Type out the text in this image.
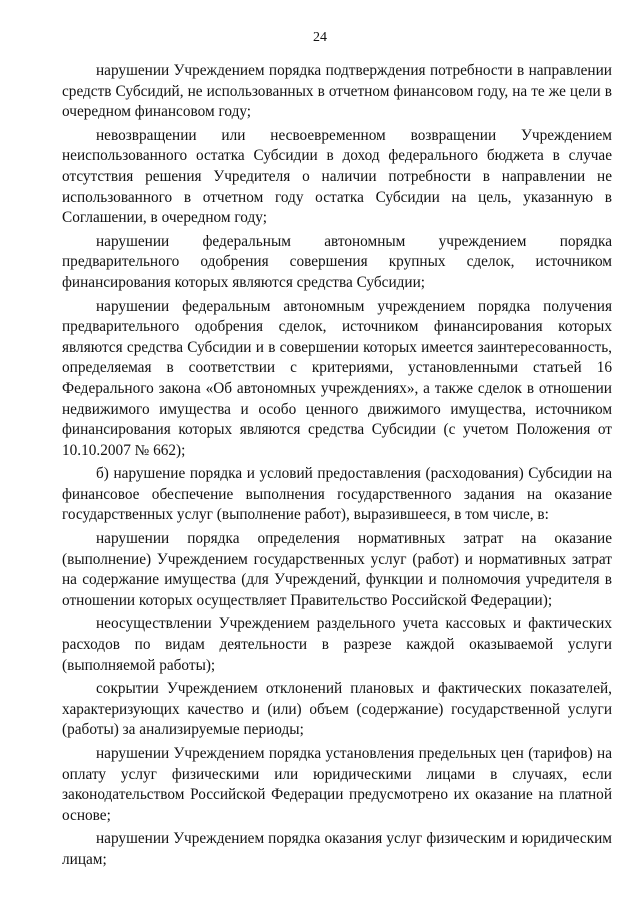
24

нарушении Учреждением порядка подтверждения потребности в направлении средств Субсидий, не использованных в отчетном финансовом году, на те же цели в очередном финансовом году;

невозвращении или несвоевременном возвращении Учреждением неиспользованного остатка Субсидии в доход федерального бюджета в случае отсутствия решения Учредителя о наличии потребности в направлении не использованного в отчетном году остатка Субсидии на цель, указанную в Соглашении, в очередном году;

нарушении федеральным автономным учреждением порядка предварительного одобрения совершения крупных сделок, источником финансирования которых являются средства Субсидии;

нарушении федеральным автономным учреждением порядка получения предварительного одобрения сделок, источником финансирования которых являются средства Субсидии и в совершении которых имеется заинтересованность, определяемая в соответствии с критериями, установленными статьей 16 Федерального закона «Об автономных учреждениях», а также сделок в отношении недвижимого имущества и особо ценного движимого имущества, источником финансирования которых являются средства Субсидии (с учетом Положения от 10.10.2007 № 662);

б) нарушение порядка и условий предоставления (расходования) Субсидии на финансовое обеспечение выполнения государственного задания на оказание государственных услуг (выполнение работ), выразившееся, в том числе, в:

нарушении порядка определения нормативных затрат на оказание (выполнение) Учреждением государственных услуг (работ) и нормативных затрат на содержание имущества (для Учреждений, функции и полномочия учредителя в отношении которых осуществляет Правительство Российской Федерации);

неосуществлении Учреждением раздельного учета кассовых и фактических расходов по видам деятельности в разрезе каждой оказываемой услуги (выполняемой работы);

сокрытии Учреждением отклонений плановых и фактических показателей, характеризующих качество и (или) объем (содержание) государственной услуги (работы) за анализируемые периоды;

нарушении Учреждением порядка установления предельных цен (тарифов) на оплату услуг физическими или юридическими лицами в случаях, если законодательством Российской Федерации предусмотрено их оказание на платной основе;

нарушении Учреждением порядка оказания услуг физическим и юридическим лицам;
